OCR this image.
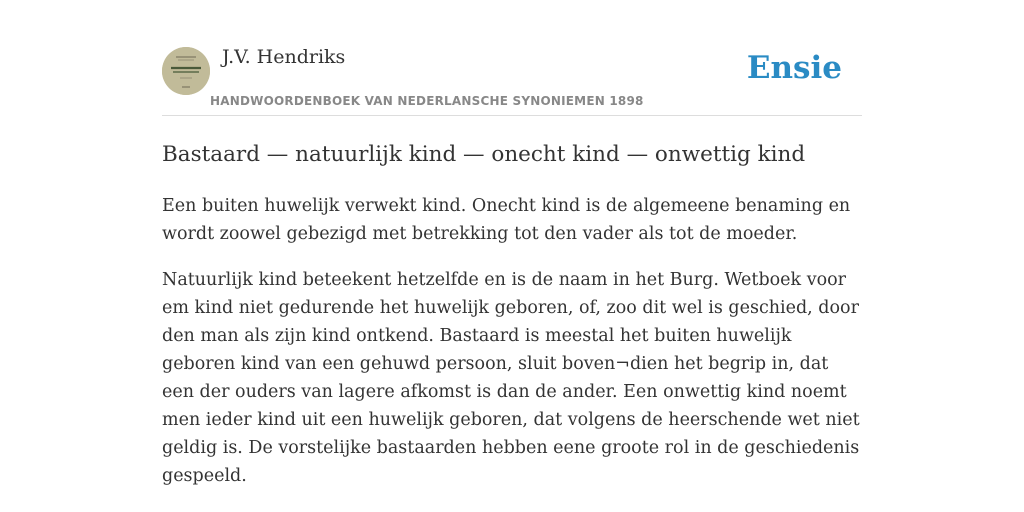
J.V. Hendriks
HANDWOORDENBOEK VAN NEDERLANSCHE SYNONIEMEN 1898
Ensie
Bastaard — natuurlijk kind — onecht kind — onwettig kind

Een buiten huwelijk verwekt kind. Onecht kind is de algemeene benaming en wordt zoowel gebezigd met betrekking tot den vader als tot de moeder.

Natuurlijk kind beteekent hetzelfde en is de naam in het Burg. Wetboek voor em kind niet gedurende het huwelijk geboren, of, zoo dit wel is geschied, door den man als zijn kind ontkend. Bastaard is meestal het buiten huwelijk geboren kind van een gehuwd persoon, sluit boven¬dien het begrip in, dat een der ouders van lagere afkomst is dan de ander. Een onwettig kind noemt men ieder kind uit een huwelijk geboren, dat volgens de heerschende wet niet geldig is. De vorstelijke bastaarden hebben eene groote rol in de geschiedenis gespeeld.
